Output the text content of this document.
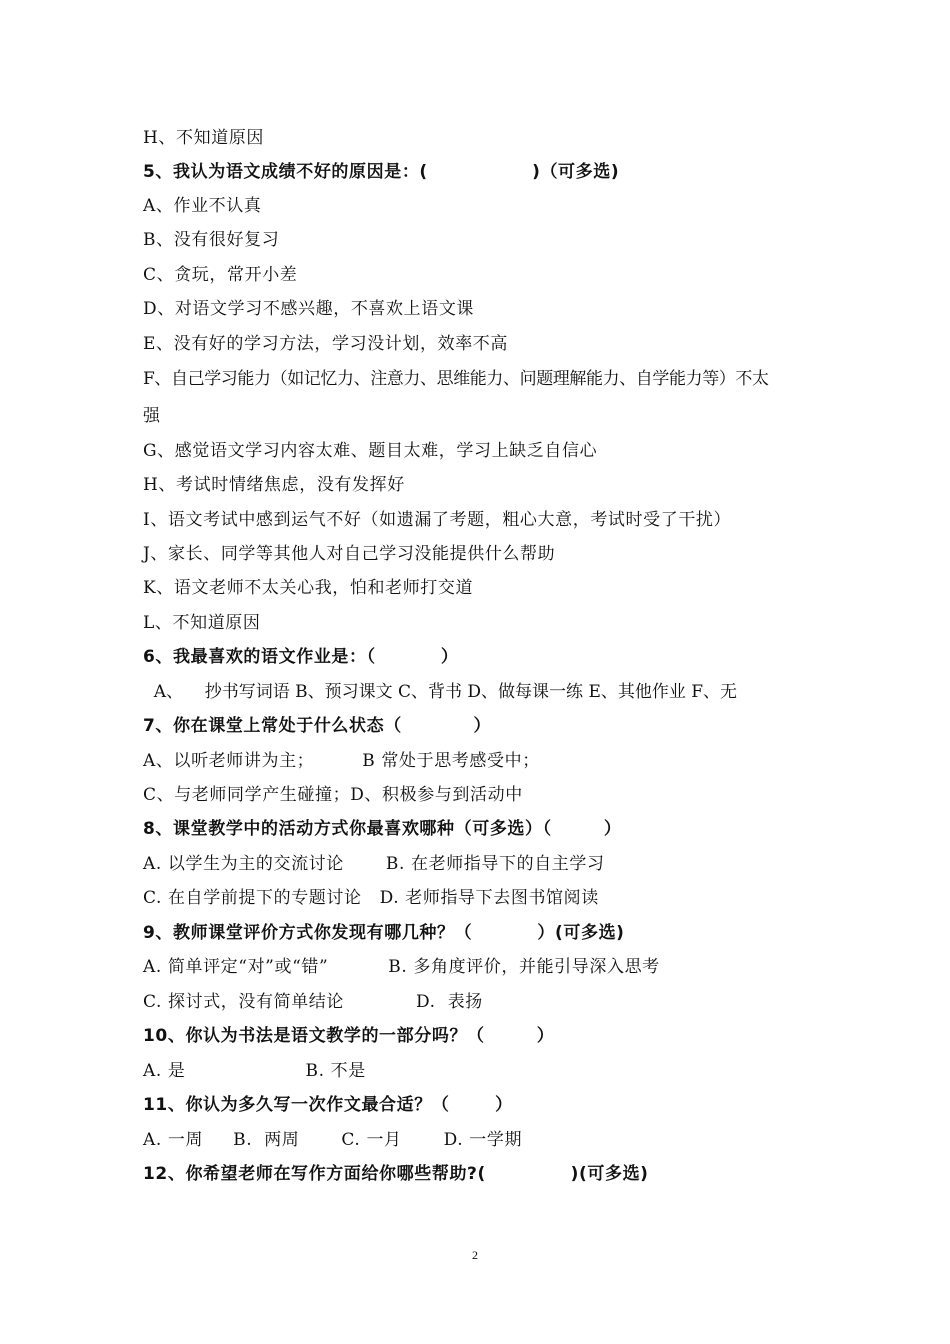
H、不知道原因
5、我认为语文成绩不好的原因是：(                )（可多选)
A、作业不认真
B、没有很好复习
C、贪玩，常开小差
D、对语文学习不感兴趣，不喜欢上语文课
E、没有好的学习方法，学习没计划，效率不高
F、自己学习能力（如记忆力、注意力、思维能力、问题理解能力、自学能力等）不太
强
G、感觉语文学习内容太难、题目太难，学习上缺乏自信心
H、考试时情绪焦虑，没有发挥好
I、语文考试中感到运气不好（如遗漏了考题，粗心大意，考试时受了干扰）
J、家长、同学等其他人对自己学习没能提供什么帮助
K、语文老师不太关心我，怕和老师打交道
L、不知道原因
6、我最喜欢的语文作业是：（          ）
A、    抄书写词语 B、预习课文 C、背书 D、做每课一练 E、其他作业 F、无
7、你在课堂上常处于什么状态（           ）
A、以听老师讲为主；        B 常处于思考感受中；
C、与老师同学产生碰撞；D、积极参与到活动中
8、课堂教学中的活动方式你最喜欢哪种（可多选）（        ）
A. 以学生为主的交流讨论       B. 在老师指导下的自主学习
C. 在自学前提下的专题讨论   D. 老师指导下去图书馆阅读
9、教师课堂评价方式你发现有哪几种？（          ）(可多选)
A. 简单评定“对”或“错”          B. 多角度评价，并能引导深入思考
C. 探讨式，没有简单结论            D.  表扬
10、你认为书法是语文教学的一部分吗？（        ）
A. 是                    B. 不是
11、你认为多久写一次作文最合适？（       ）
A. 一周     B.  两周       C. 一月       D. 一学期
12、你希望老师在写作方面给你哪些帮助?(             )(可多选)
2
